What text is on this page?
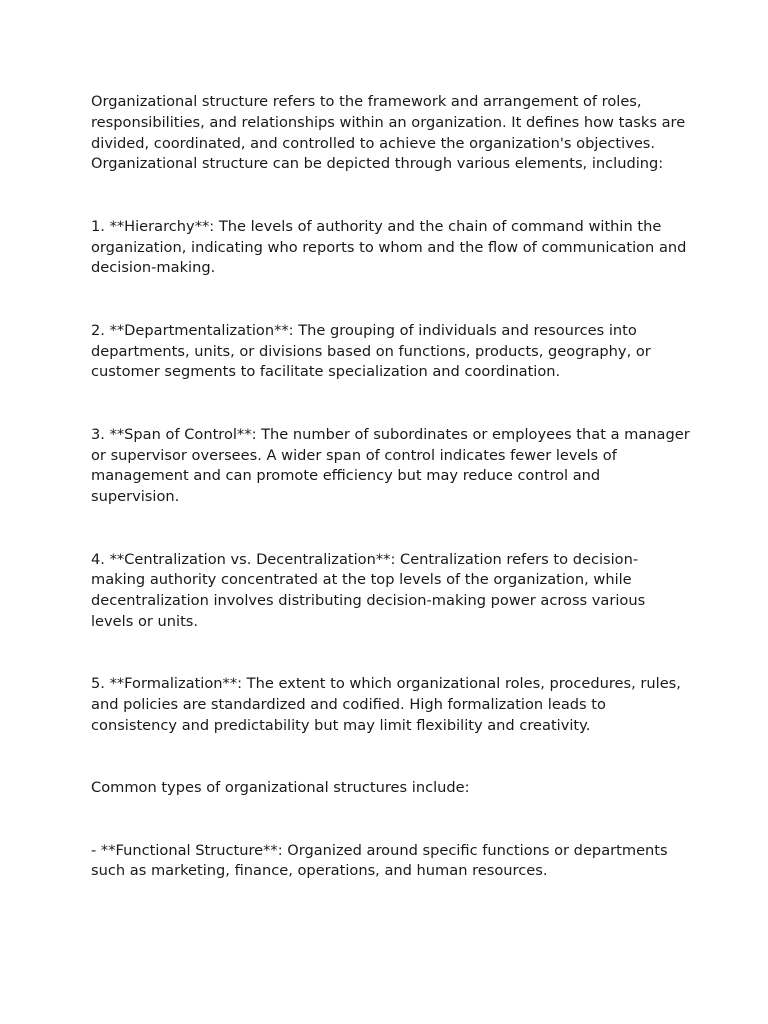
Organizational structure refers to the framework and arrangement of roles, responsibilities, and relationships within an organization. It defines how tasks are divided, coordinated, and controlled to achieve the organization's objectives. Organizational structure can be depicted through various elements, including:

1. **Hierarchy**: The levels of authority and the chain of command within the organization, indicating who reports to whom and the flow of communication and decision-making.

2. **Departmentalization**: The grouping of individuals and resources into departments, units, or divisions based on functions, products, geography, or customer segments to facilitate specialization and coordination.

3. **Span of Control**: The number of subordinates or employees that a manager or supervisor oversees. A wider span of control indicates fewer levels of management and can promote efficiency but may reduce control and supervision.

4. **Centralization vs. Decentralization**: Centralization refers to decision-making authority concentrated at the top levels of the organization, while decentralization involves distributing decision-making power across various levels or units.

5. **Formalization**: The extent to which organizational roles, procedures, rules, and policies are standardized and codified. High formalization leads to consistency and predictability but may limit flexibility and creativity.

Common types of organizational structures include:

- **Functional Structure**: Organized around specific functions or departments such as marketing, finance, operations, and human resources.
